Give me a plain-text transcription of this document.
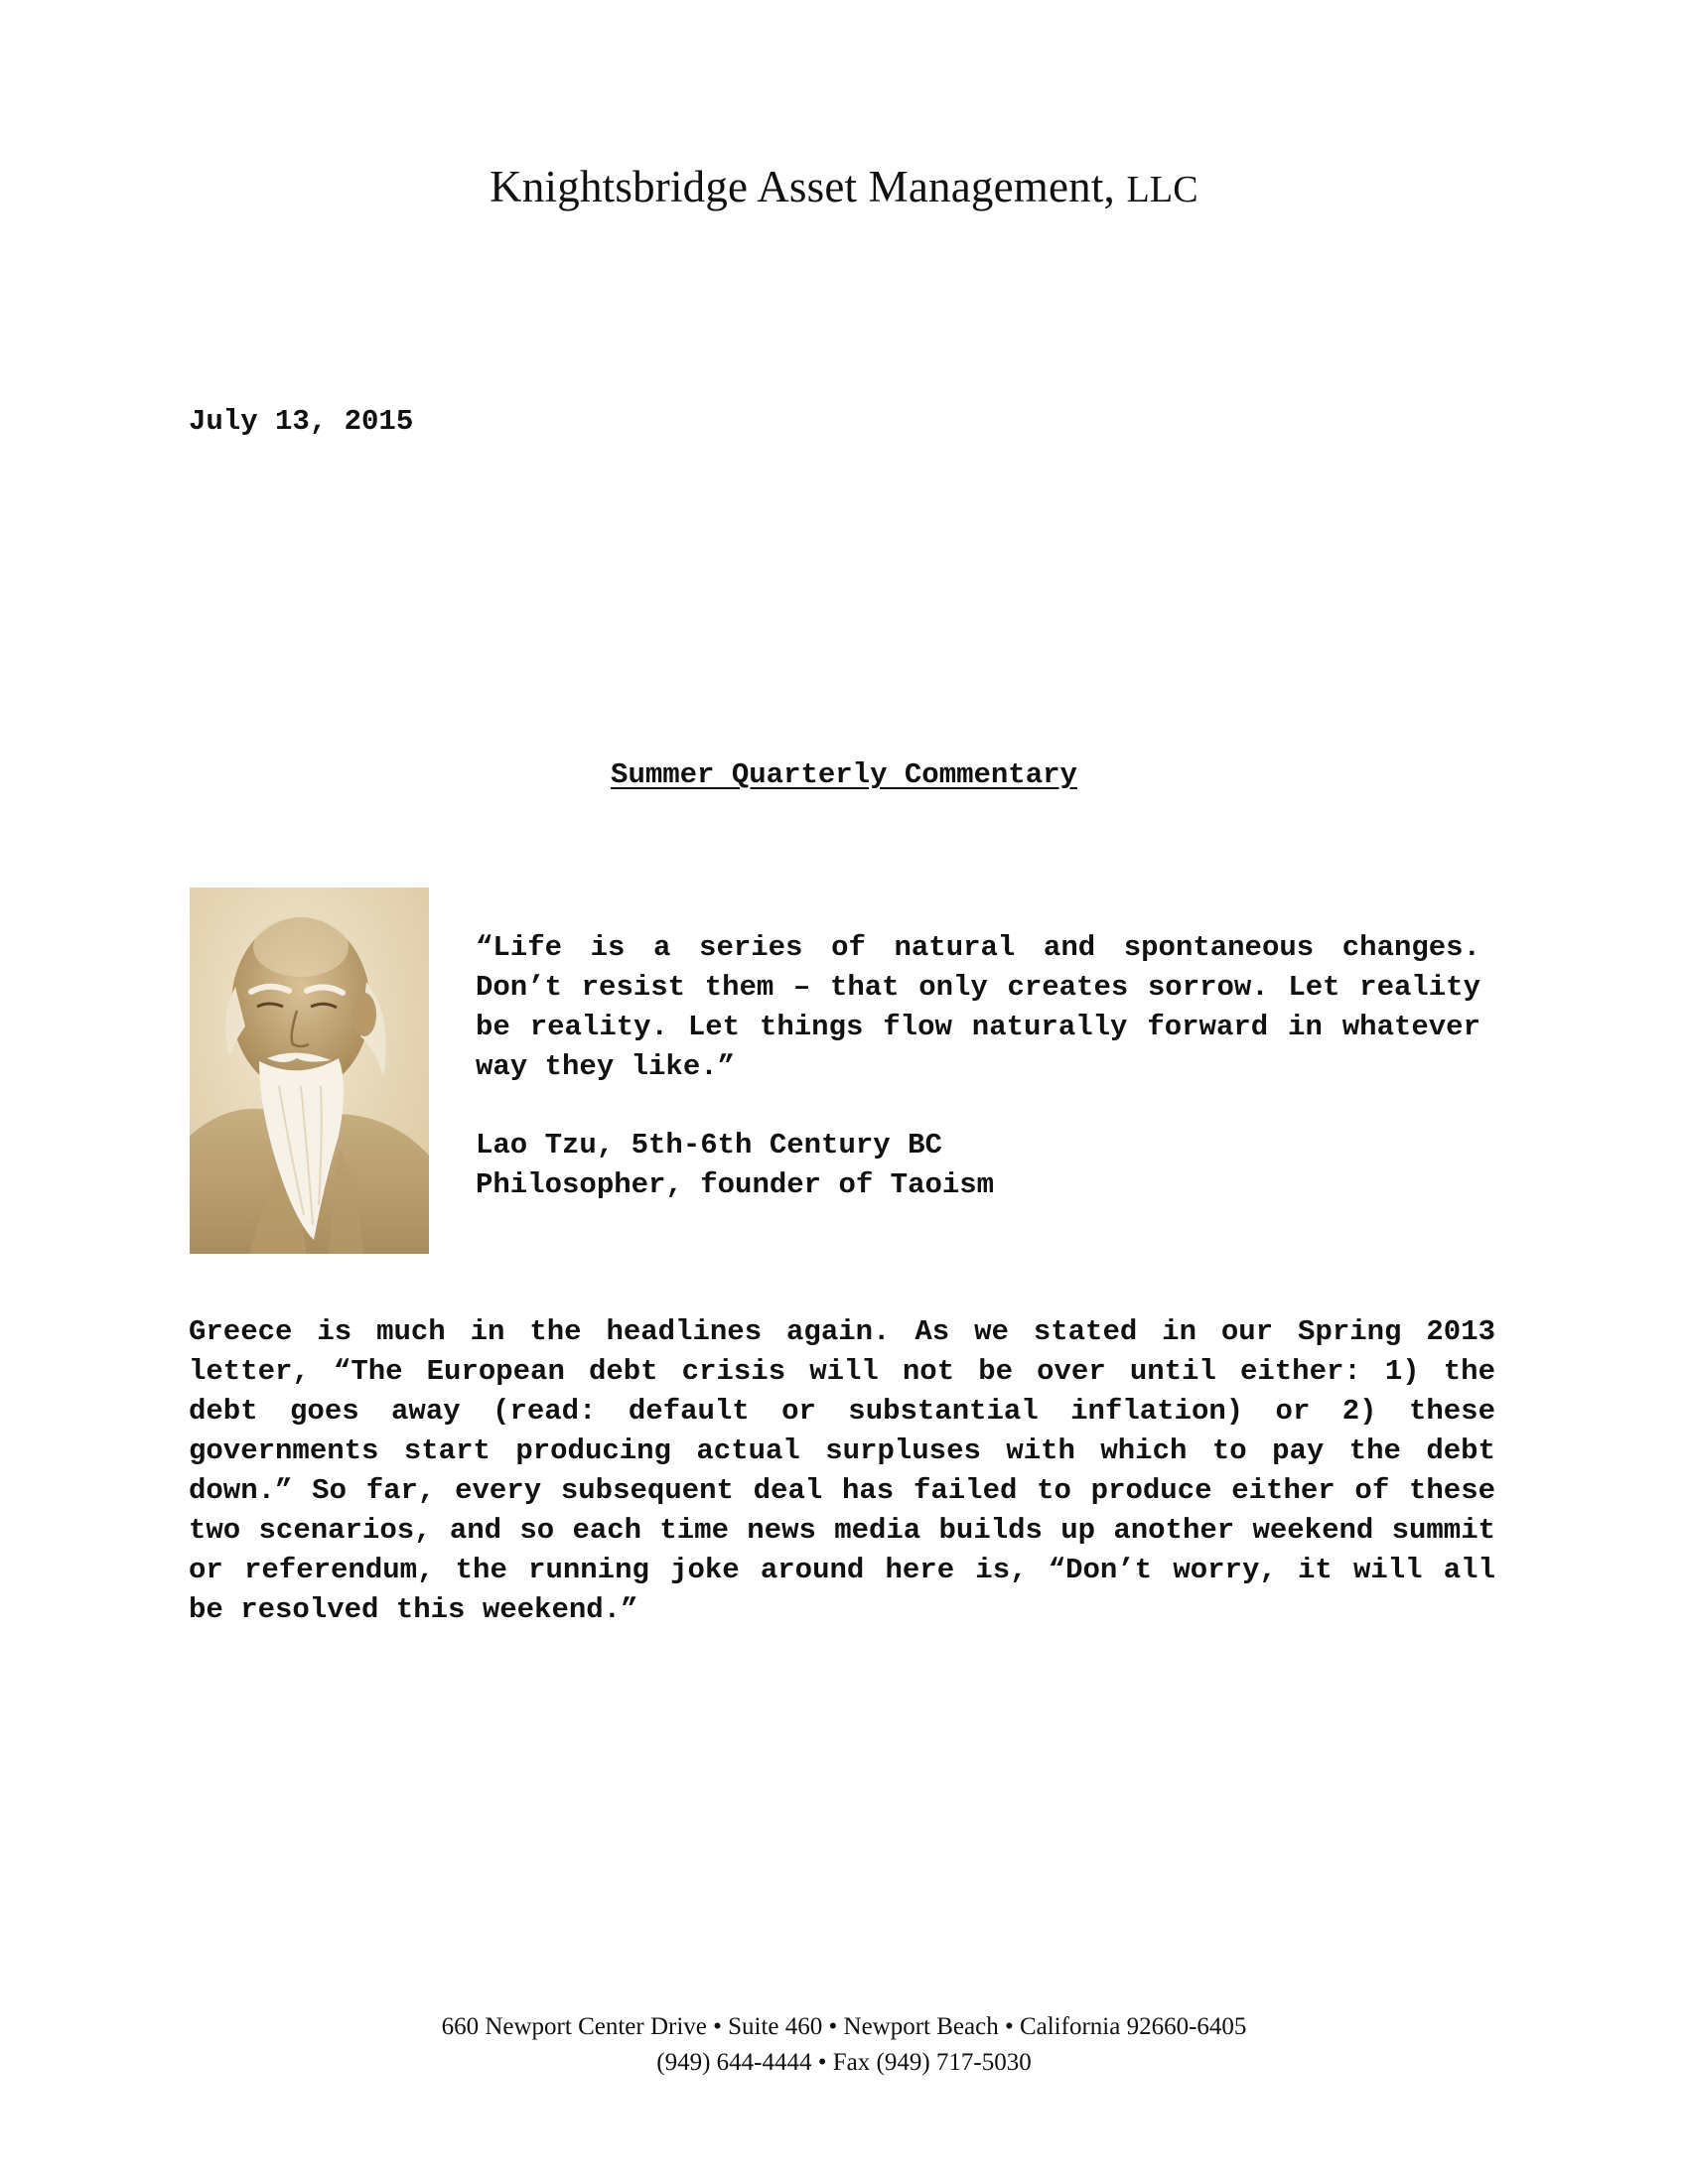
Knightsbridge Asset Management, LLC
July 13, 2015
Summer Quarterly Commentary

“Life is a series of natural and spontaneous changes. Don’t resist them – that only creates sorrow. Let reality be reality. Let things flow naturally forward in whatever way they like.”

Lao Tzu, 5th-6th Century BC
Philosopher, founder of Taoism

Greece is much in the headlines again. As we stated in our Spring 2013 letter, “The European debt crisis will not be over until either: 1) the debt goes away (read: default or substantial inflation) or 2) these governments start producing actual surpluses with which to pay the debt down.” So far, every subsequent deal has failed to produce either of these two scenarios, and so each time news media builds up another weekend summit or referendum, the running joke around here is, “Don’t worry, it will all be resolved this weekend.”

660 Newport Center Drive • Suite 460 • Newport Beach • California 92660-6405
(949) 644-4444 • Fax (949) 717-5030
